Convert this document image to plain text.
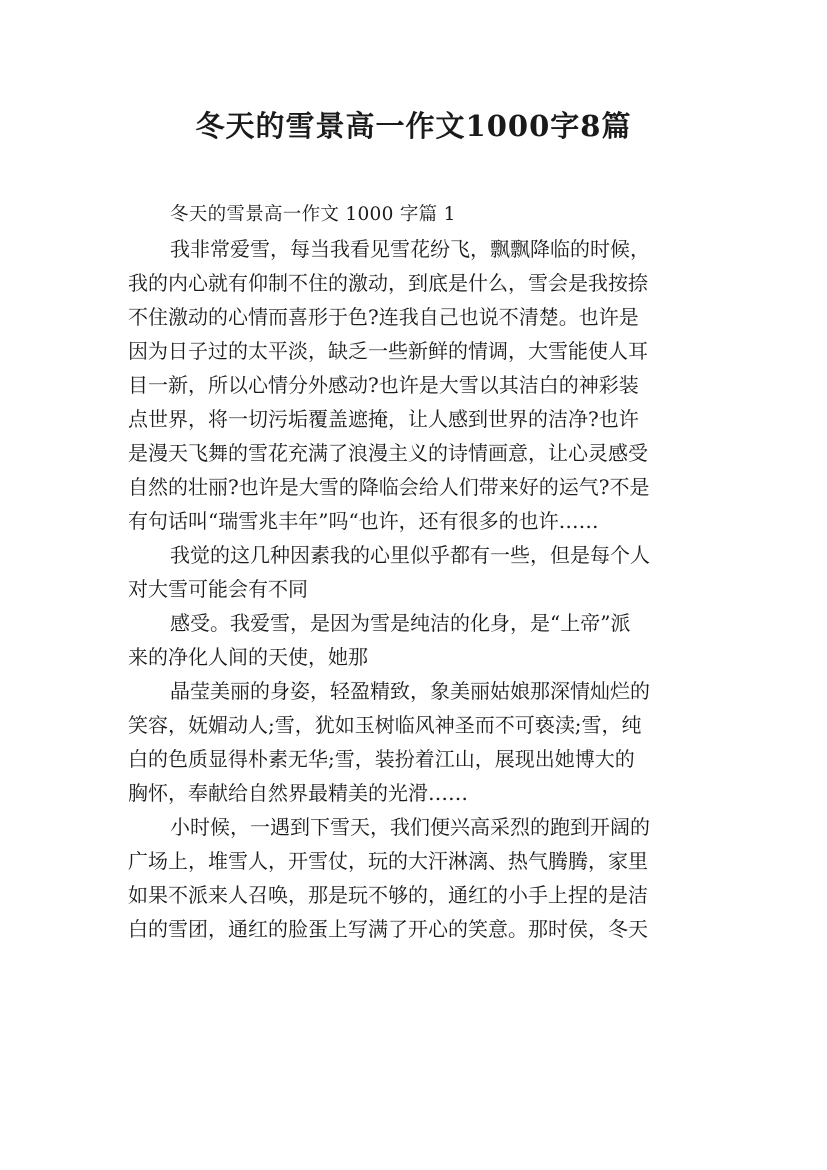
冬天的雪景高一作文1000字8篇
冬天的雪景高一作文 1000 字篇 1
我非常爱雪，每当我看见雪花纷飞，飘飘降临的时候，
我的内心就有仰制不住的激动，到底是什么，雪会是我按捺
不住激动的心情而喜形于色?连我自己也说不清楚。也许是
因为日子过的太平淡，缺乏一些新鲜的情调，大雪能使人耳
目一新，所以心情分外感动?也许是大雪以其洁白的神彩装
点世界，将一切污垢覆盖遮掩，让人感到世界的洁净?也许
是漫天飞舞的雪花充满了浪漫主义的诗情画意，让心灵感受
自然的壮丽?也许是大雪的降临会给人们带来好的运气?不是
有句话叫“瑞雪兆丰年”吗“也许，还有很多的也许……
我觉的这几种因素我的心里似乎都有一些，但是每个人
对大雪可能会有不同
感受。我爱雪，是因为雪是纯洁的化身，是“上帝”派
来的净化人间的天使，她那
晶莹美丽的身姿，轻盈精致，象美丽姑娘那深情灿烂的
笑容，妩媚动人;雪，犹如玉树临风神圣而不可亵渎;雪，纯
白的色质显得朴素无华;雪，装扮着江山，展现出她博大的
胸怀，奉献给自然界最精美的光滑……
小时候，一遇到下雪天，我们便兴高采烈的跑到开阔的
广场上，堆雪人，开雪仗，玩的大汗淋漓、热气腾腾，家里
如果不派来人召唤，那是玩不够的，通红的小手上捏的是洁
白的雪团，通红的脸蛋上写满了开心的笑意。那时侯，冬天
